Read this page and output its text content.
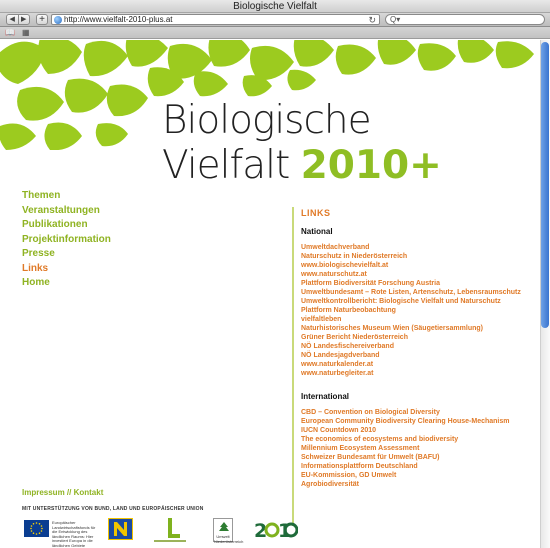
Biologische Vielfalt
◀ ▶	+	http://www.vielfalt-2010-plus.at	↻	Q▾
📖 ▦
Biologische
Vielfalt 2010+
Themen
Veranstaltungen
Publikationen
Projektinformation
Presse
Links
Home
LINKS
National
Umweltdachverband
Naturschutz in Niederösterreich
www.biologischevielfalt.at
www.naturschutz.at
Plattform Biodiversität Forschung Austria
Umweltbundesamt – Rote Listen, Artenschutz, Lebensraumschutz
Umweltkontrollbericht: Biologische Vielfalt und Naturschutz
Plattform Naturbeobachtung
vielfaltleben
Naturhistorisches Museum Wien (Säugetiersammlung)
Grüner Bericht Niederösterreich
NÖ Landesfischereiverband
NÖ Landesjagdverband
www.naturkalender.at
www.naturbegleiter.at
International
CBD – Convention on Biological Diversity
European Community Biodiversity Clearing House-Mechanism
IUCN Countdown 2010
The economics of ecosystems and biodiversity
Millennium Ecosystem Assessment
Schweizer Bundesamt für Umwelt (BAFU)
Informationsplattform Deutschland
EU-Kommission, GD Umwelt
Agrobiodiversität
Impressum // Kontakt
MIT UNTERSTÜTZUNG VON BUND, LAND UND EUROPÄISCHER UNION
Europäischer Landwirtschaftsfonds für die Entwicklung des ländlichen Raums: Hier investiert Europa in die ländlichen Gebiete
Umwelt Niederösterreich 2 1
